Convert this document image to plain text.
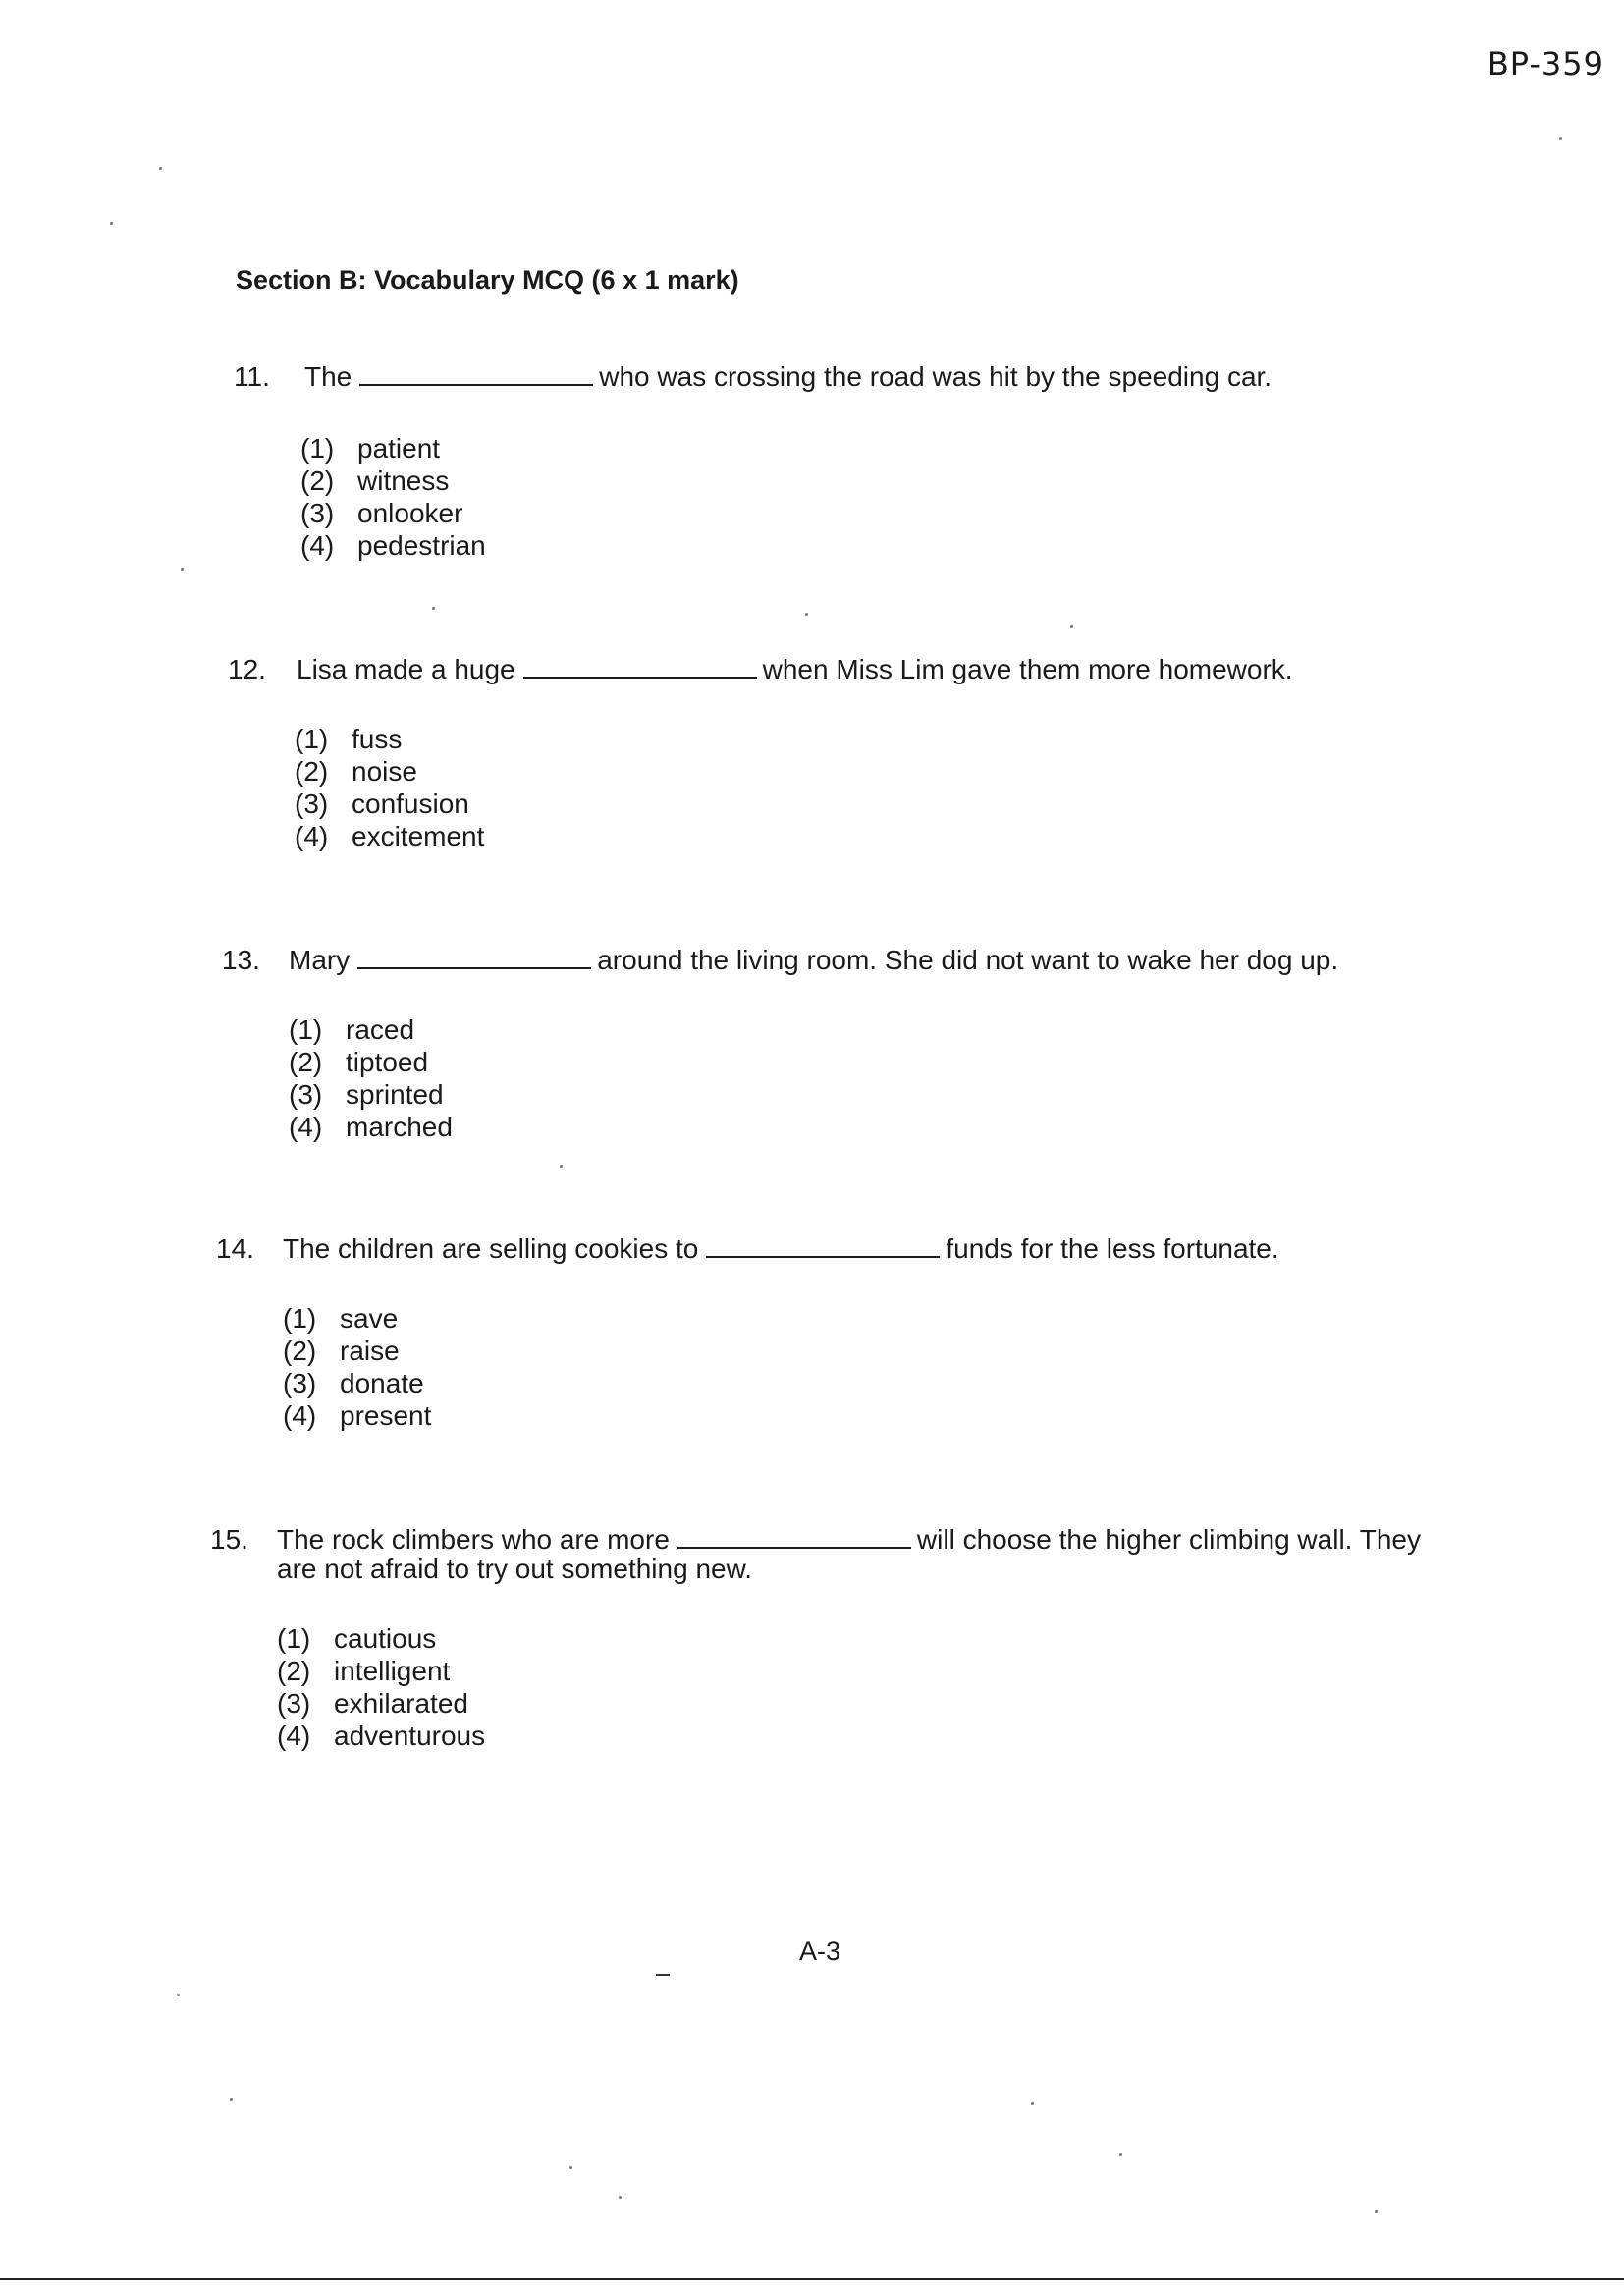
BP-359
Section B: Vocabulary MCQ (6 x 1 mark)
11. The	who was crossing the road was hit by the speeding car.
(1) patient
(2) witness
(3) onlooker
(4) pedestrian
12. Lisa made a huge	when Miss Lim gave them more homework.
(1) fuss
(2) noise
(3) confusion
(4) excitement
13. Mary	around the living room. She did not want to wake her dog up.
(1) raced
(2) tiptoed
(3) sprinted
(4) marched
14. The children are selling cookies to	funds for the less fortunate.
(1) save
(2) raise
(3) donate
(4) present
15. The rock climbers who are more	will choose the higher climbing wall. They
are not afraid to try out something new.
(1) cautious
(2) intelligent
(3) exhilarated
(4) adventurous
A-3
